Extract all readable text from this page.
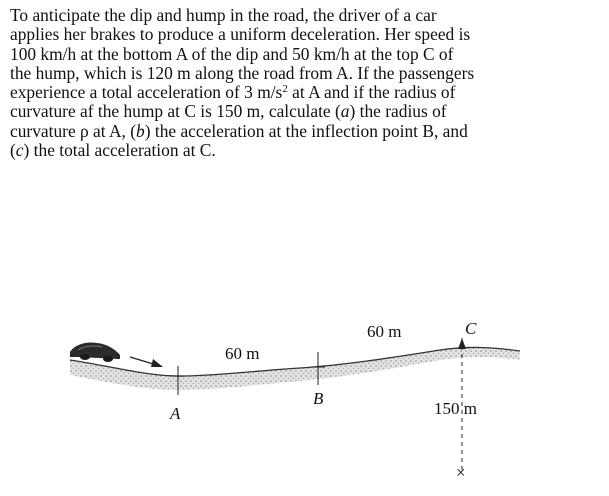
To anticipate the dip and hump in the road, the driver of a car
applies her brakes to produce a uniform deceleration. Her speed is
100 km/h at the bottom A of the dip and 50 km/h at the top C of
the hump, which is 120 m along the road from A. If the passengers
experience a total acceleration of 3 $m/s^2$ at A and if the radius of
curvature af the hump at C is 150 m, calculate (a) the radius of
curvature ρ at A, (b) the acceleration at the inflection point B, and
(c) the total acceleration at C.
60 m
60 m
A
B
C
150 m
×
